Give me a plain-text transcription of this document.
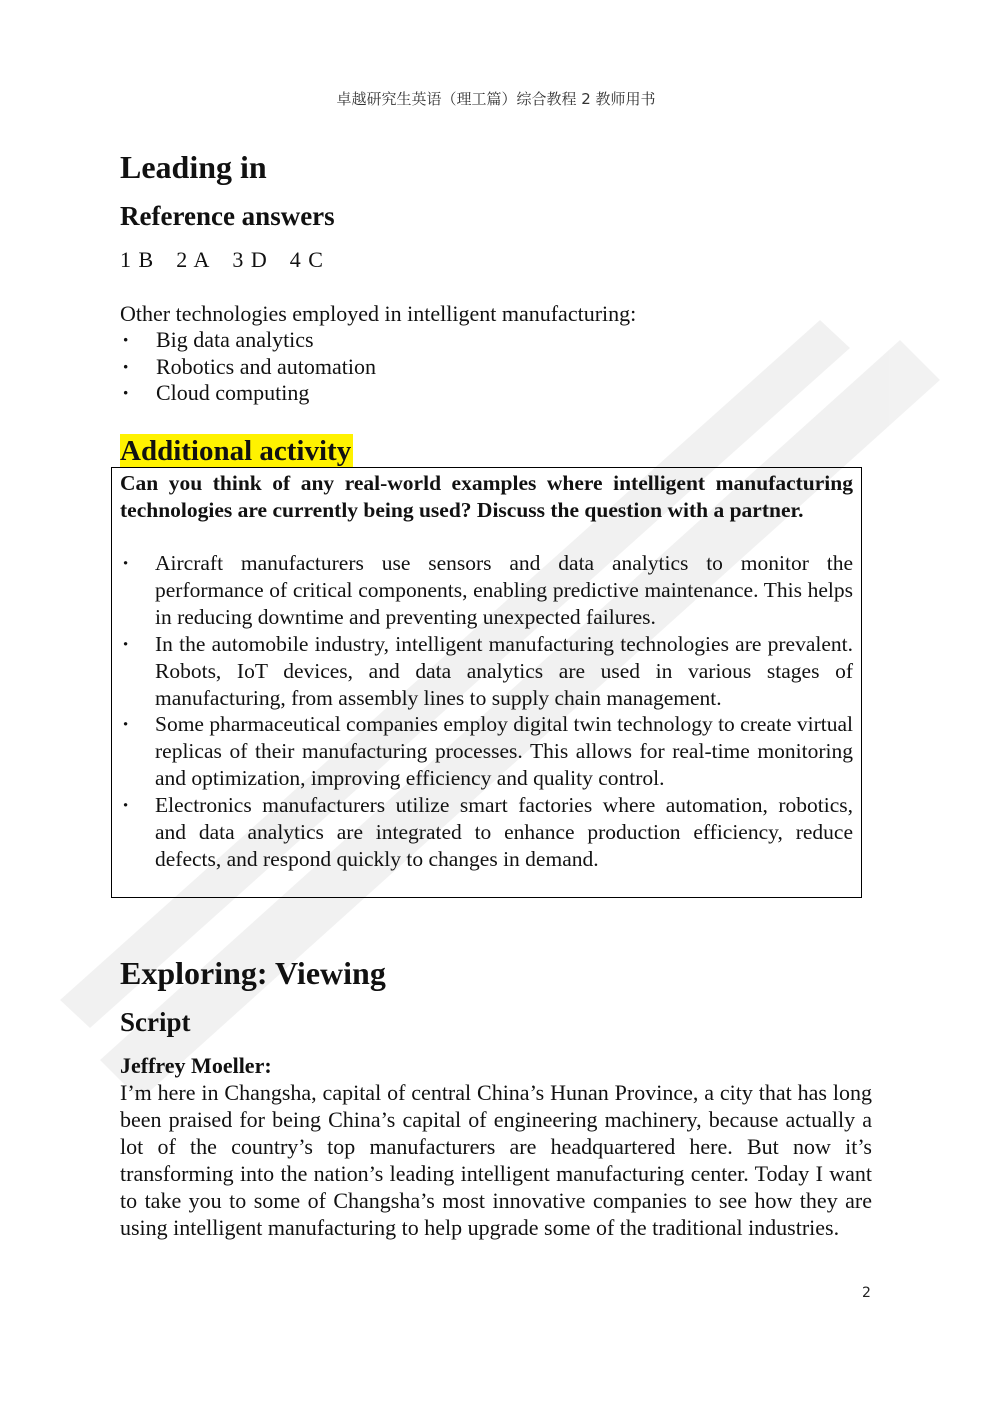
卓越研究生英语（理工篇）综合教程 2 教师用书
Leading in
Reference answers
1 B 2 A 3 D 4 C
Other technologies employed in intelligent manufacturing:
· Big data analytics
· Robotics and automation
· Cloud computing
Additional activity
Can you think of any real-world examples where intelligent manufacturing technologies are currently being used? Discuss the question with a partner.
· Aircraft manufacturers use sensors and data analytics to monitor the performance of critical components, enabling predictive maintenance. This helps in reducing downtime and preventing unexpected failures.
· In the automobile industry, intelligent manufacturing technologies are prevalent. Robots, IoT devices, and data analytics are used in various stages of manufacturing, from assembly lines to supply chain management.
· Some pharmaceutical companies employ digital twin technology to create virtual replicas of their manufacturing processes. This allows for real-time monitoring and optimization, improving efficiency and quality control.
· Electronics manufacturers utilize smart factories where automation, robotics, and data analytics are integrated to enhance production efficiency, reduce defects, and respond quickly to changes in demand.
Exploring: Viewing
Script
Jeffrey Moeller:
I’m here in Changsha, capital of central China’s Hunan Province, a city that has long been praised for being China’s capital of engineering machinery, because actually a lot of the country’s top manufacturers are headquartered here. But now it’s transforming into the nation’s leading intelligent manufacturing center. Today I want to take you to some of Changsha’s most innovative companies to see how they are using intelligent manufacturing to help upgrade some of the traditional industries.
2
